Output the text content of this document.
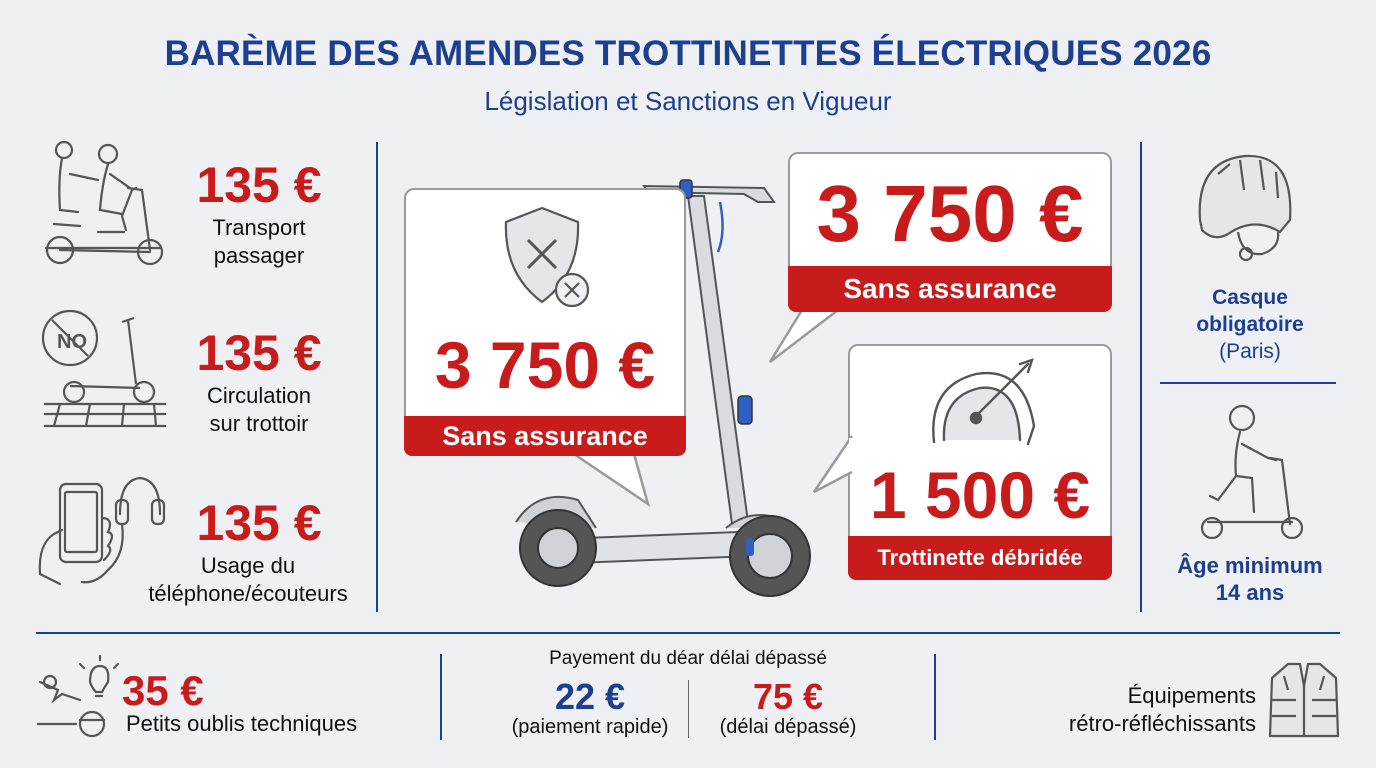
BARÈME DES AMENDES TROTTINETTES ÉLECTRIQUES 2026
Législation et Sanctions en Vigueur
NO
135 €
Transport
passager
135 €
Circulation
sur trottoir
135 €
Usage du
téléphone/écouteurs
3 750 €
Sans assurance
3 750 €
Sans assurance
1 500 €
Trottinette débridée
Casque
obligatoire
(Paris)
Âge minimum
14 ans
35 €
Petits oublis techniques
Payement du déar délai dépassé
22 €
(paiement rapide)
75 €
(délai dépassé)
Équipements
rétro-réfléchissants
